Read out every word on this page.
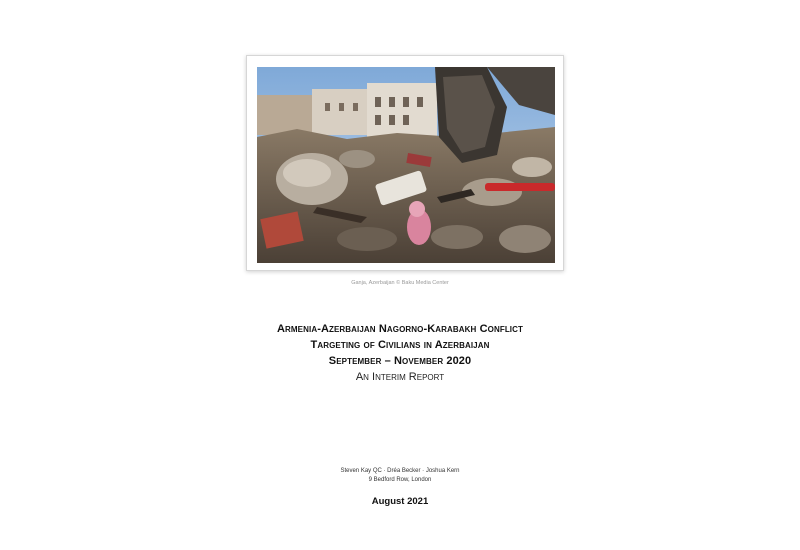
Ganja, Azerbaijan © Baku Media Center
Armenia-Azerbaijan Nagorno-Karabakh Conflict
Targeting of Civilians in Azerbaijan
September – November 2020
An Interim Report
Steven Kay QC · Dréa Becker · Joshua Kern
9 Bedford Row, London
August 2021
